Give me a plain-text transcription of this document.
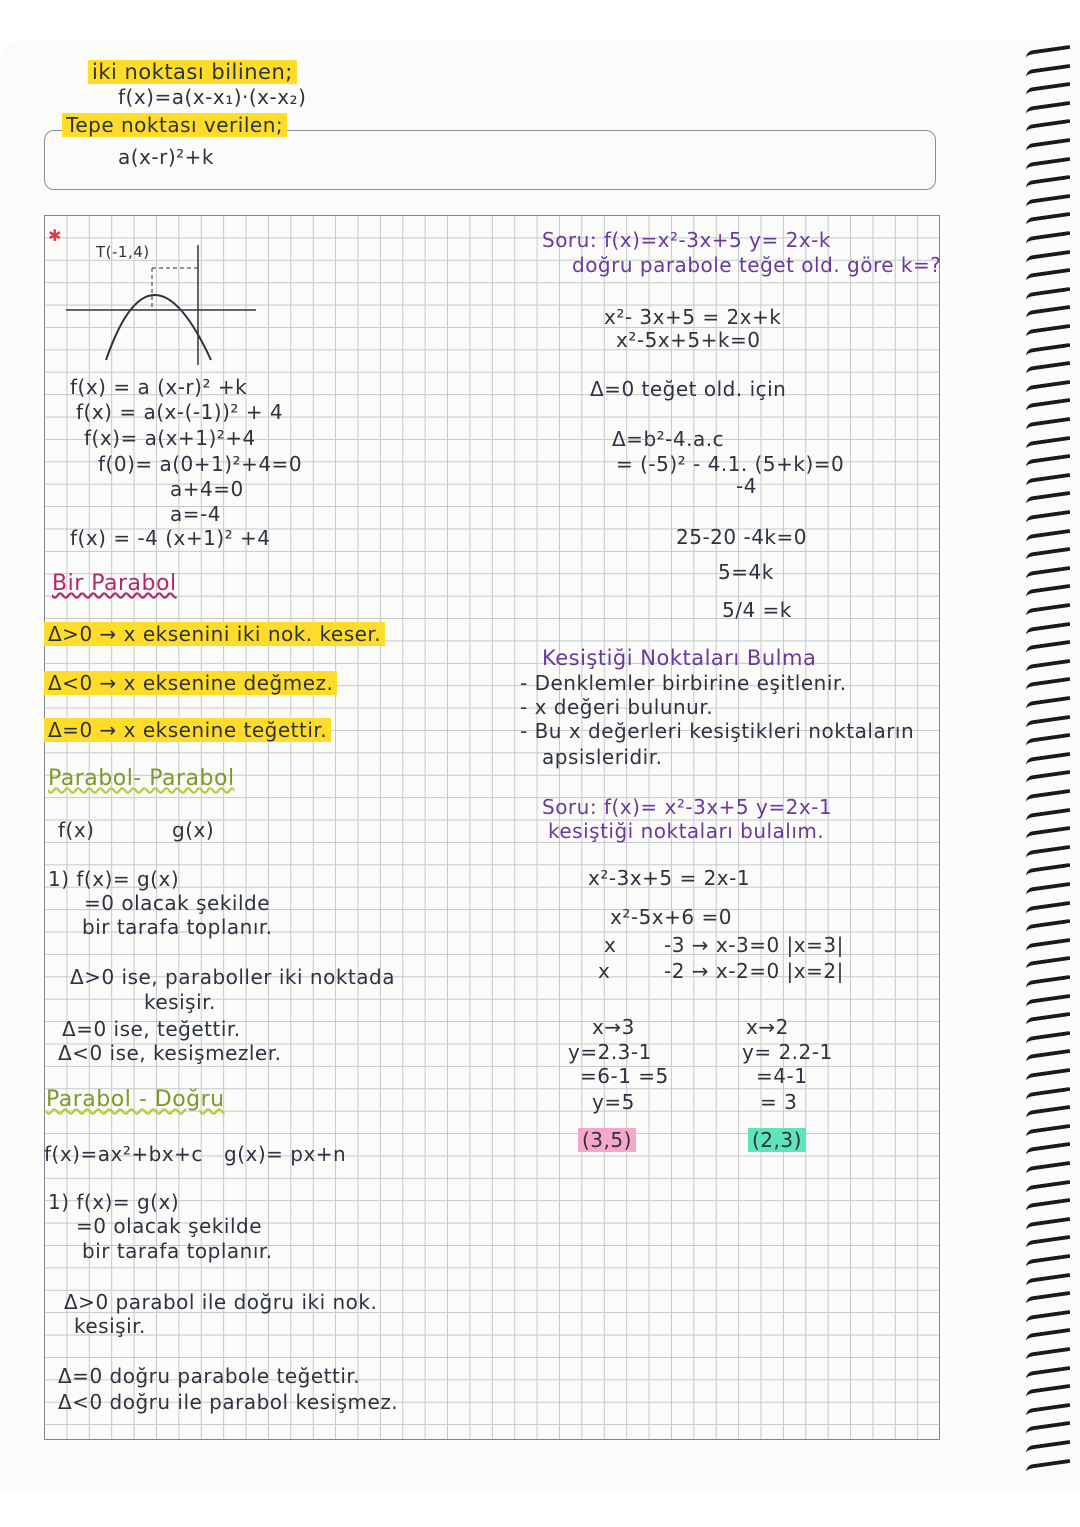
✱
iki noktası bilinen;
f(x)=a(x-x₁)·(x-x₂)
Tepe noktası verilen;
a(x-r)²+k
T(-1,4)
f(x) = a (x-r)² +k
f(x) = a(x-(-1))² + 4
f(x)= a(x+1)²+4
f(0)= a(0+1)²+4=0
a+4=0
a=-4
f(x) = -4 (x+1)² +4
Bir Parabol
Δ>0 → x eksenini iki nok. keser.
Δ<0 → x eksenine değmez.
Δ=0 → x eksenine teğettir.
Parabol- Parabol
f(x)	g(x)
1) f(x)= g(x)
=0 olacak şekilde
bir tarafa toplanır.
Δ>0 ise, paraboller iki noktada
kesişir.
Δ=0 ise, teğettir.
Δ<0 ise, kesişmezler.
Parabol - Doğru
f(x)=ax²+bx+c g(x)= px+n
1) f(x)= g(x)
=0 olacak şekilde
bir tarafa toplanır.
Δ>0 parabol ile doğru iki nok.
kesişir.
Δ=0 doğru parabole teğettir.
Δ<0 doğru ile parabol kesişmez.
Soru: f(x)=x²-3x+5 y= 2x-k
doğru parabole teğet old. göre k=?
x²- 3x+5 = 2x+k
x²-5x+5+k=0
Δ=0 teğet old. için
Δ=b²-4.a.c
= (-5)² - 4.1. (5+k)=0
-4
25-20 -4k=0
5=4k
5/4 =k
Kesiştiği Noktaları Bulma
- Denklemler birbirine eşitlenir.
- x değeri bulunur.
- Bu x değerleri kesiştikleri noktaların
apsisleridir.
Soru: f(x)= x²-3x+5 y=2x-1
kesiştiği noktaları bulalım.
x²-3x+5 = 2x-1
x²-5x+6 =0
x -3 → x-3=0 |x=3|
x	-2 → x-2=0 |x=2|
x→3
y=2.3-1
=6-1 =5
y=5
(3,5)
x→2
y= 2.2-1
=4-1
= 3
(2,3)
